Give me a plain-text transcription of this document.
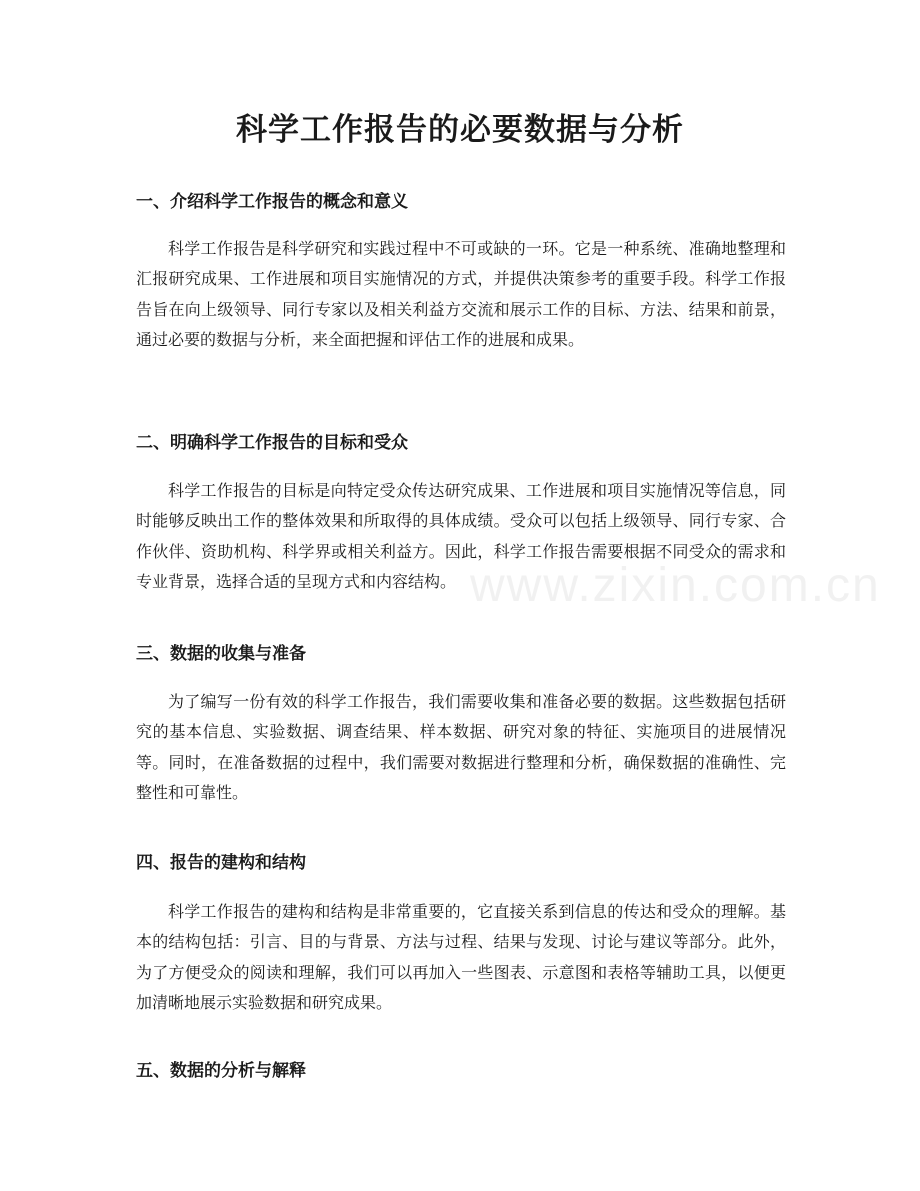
www.zixin.com.cn
科学工作报告的必要数据与分析
一、介绍科学工作报告的概念和意义

科学工作报告是科学研究和实践过程中不可或缺的一环。它是一种系统、准确地整理和汇报研究成果、工作进展和项目实施情况的方式，并提供决策参考的重要手段。科学工作报告旨在向上级领导、同行专家以及相关利益方交流和展示工作的目标、方法、结果和前景，通过必要的数据与分析，来全面把握和评估工作的进展和成果。

二、明确科学工作报告的目标和受众

科学工作报告的目标是向特定受众传达研究成果、工作进展和项目实施情况等信息，同时能够反映出工作的整体效果和所取得的具体成绩。受众可以包括上级领导、同行专家、合作伙伴、资助机构、科学界或相关利益方。因此，科学工作报告需要根据不同受众的需求和专业背景，选择合适的呈现方式和内容结构。

三、数据的收集与准备

为了编写一份有效的科学工作报告，我们需要收集和准备必要的数据。这些数据包括研究的基本信息、实验数据、调查结果、样本数据、研究对象的特征、实施项目的进展情况等。同时，在准备数据的过程中，我们需要对数据进行整理和分析，确保数据的准确性、完整性和可靠性。

四、报告的建构和结构

科学工作报告的建构和结构是非常重要的，它直接关系到信息的传达和受众的理解。基本的结构包括：引言、目的与背景、方法与过程、结果与发现、讨论与建议等部分。此外，为了方便受众的阅读和理解，我们可以再加入一些图表、示意图和表格等辅助工具，以便更加清晰地展示实验数据和研究成果。

五、数据的分析与解释
